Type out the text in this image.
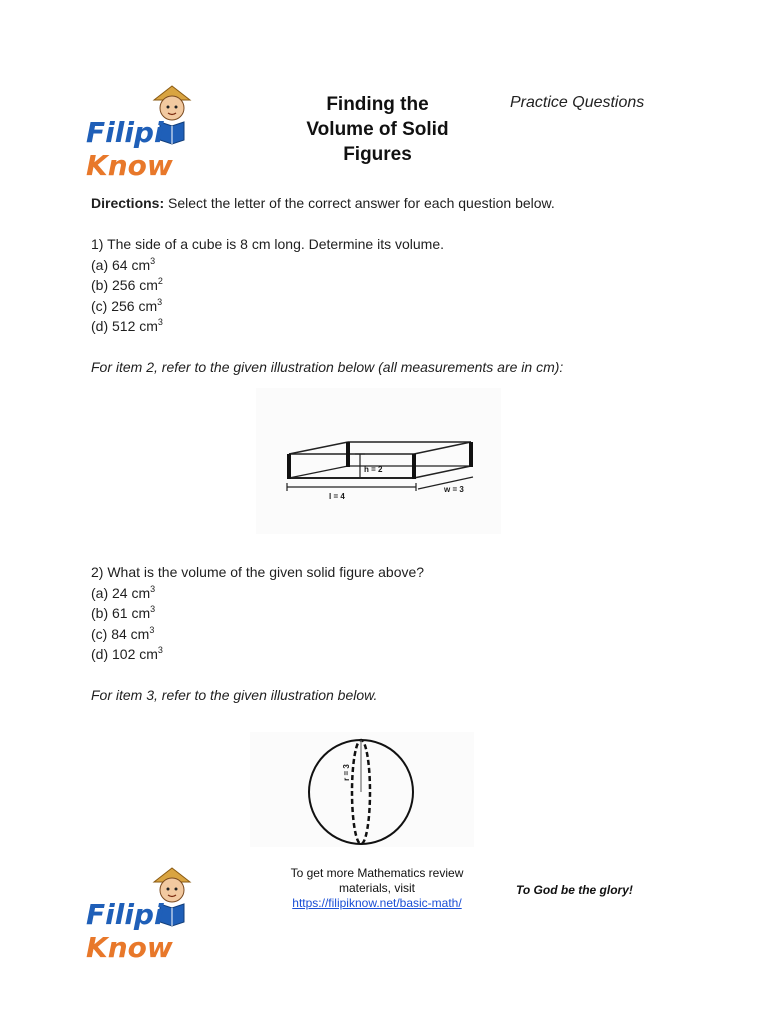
FilipiKnow
Finding the
Volume of Solid
Figures
Practice Questions
Directions: Select the letter of the correct answer for each question below.
1) The side of a cube is 8 cm long. Determine its volume.
(a) 64 $cm^3$
(b) 256 $cm^2$
(c) 256 $cm^3$
(d) 512 $cm^3$
For item 2, refer to the given illustration below (all measurements are in cm):
h = 2
l = 4
w = 3
2) What is the volume of the given solid figure above?
(a) 24 $cm^3$
(b) 61 $cm^3$
(c) 84 $cm^3$
(d) 102 $cm^3$
For item 3, refer to the given illustration below.
r = 3
FilipiKnow
To get more Mathematics review
materials, visit
https://filipiknow.net/basic-math/
To God be the glory!
